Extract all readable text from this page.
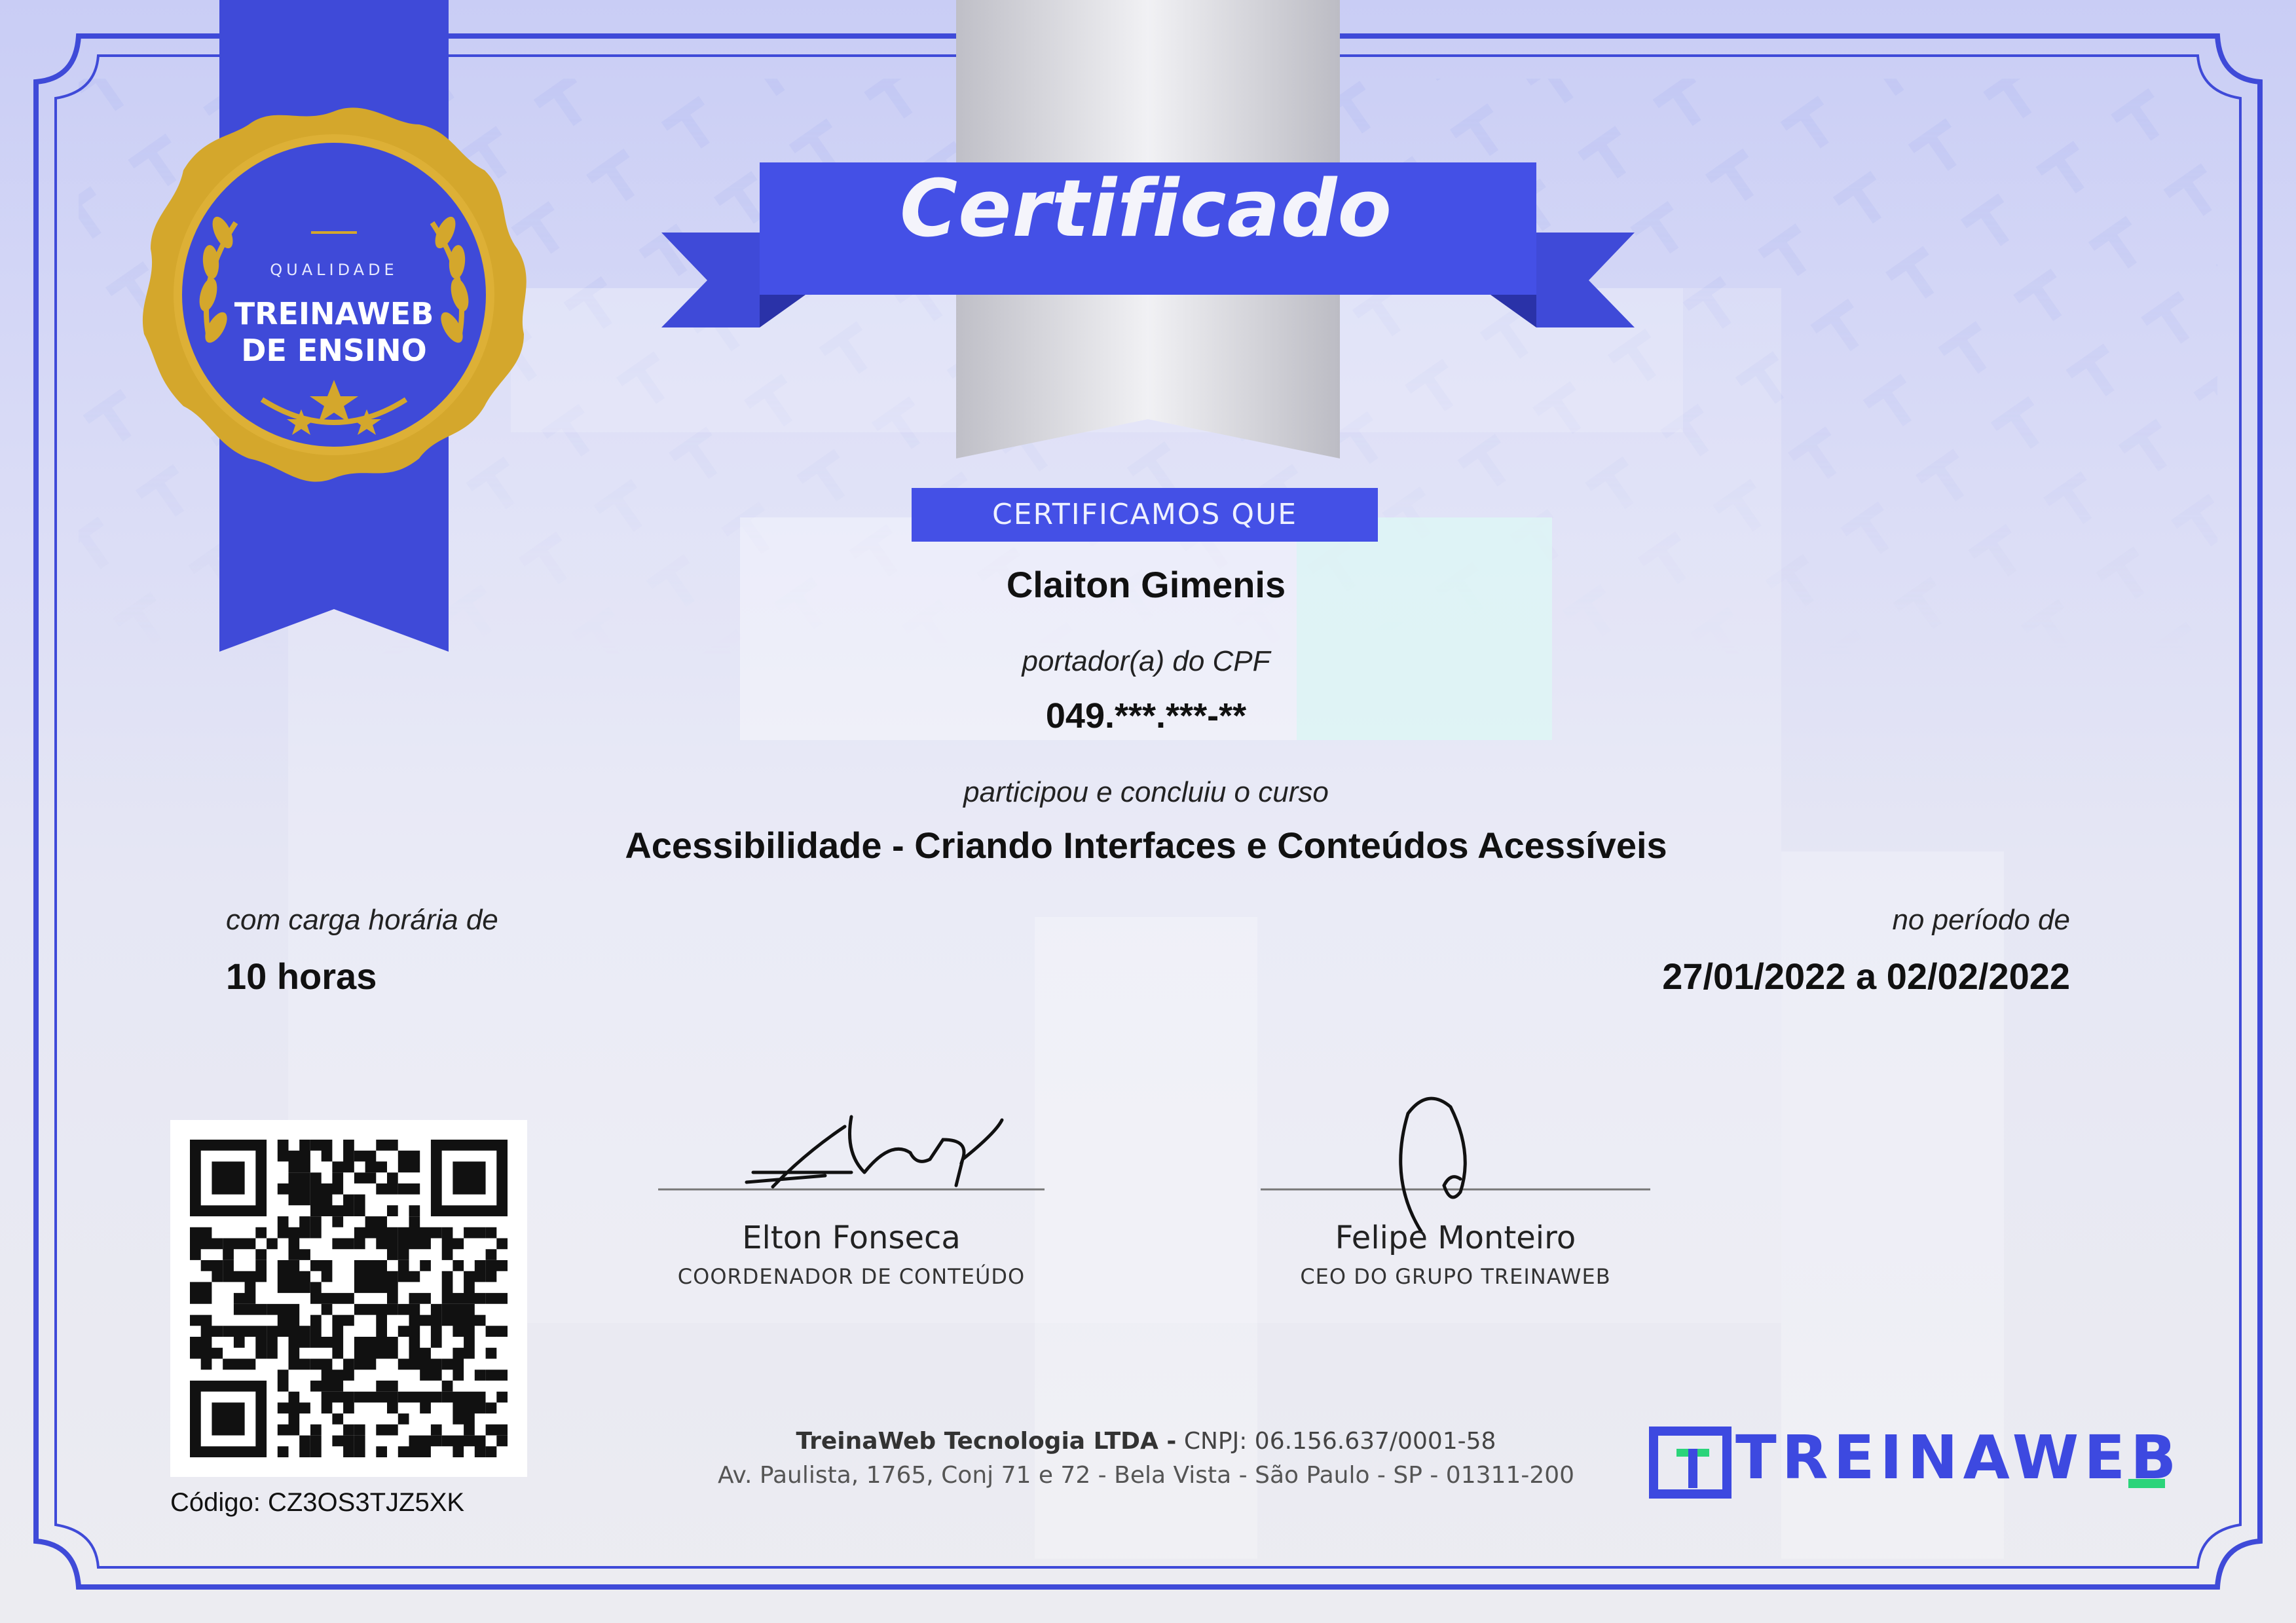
QUALIDADE
TREINAWEB
DE ENSINO
Certificado
CERTIFICAMOS QUE
Claiton Gimenis
portador(a) do CPF
049.***.***-**
participou e concluiu o curso
Acessibilidade - Criando Interfaces e Conteúdos Acessíveis
com carga horária de
10 horas
no período de
27/01/2022 a 02/02/2022
Elton Fonseca
COORDENADOR DE CONTEÚDO
Felipe Monteiro
CEO DO GRUPO TREINAWEB
Código: CZ3OS3TJZ5XK
TreinaWeb Tecnologia LTDA - CNPJ: 06.156.637/0001-58
Av. Paulista, 1765, Conj 71 e 72 - Bela Vista - São Paulo - SP - 01311-200	TREINAWEB
